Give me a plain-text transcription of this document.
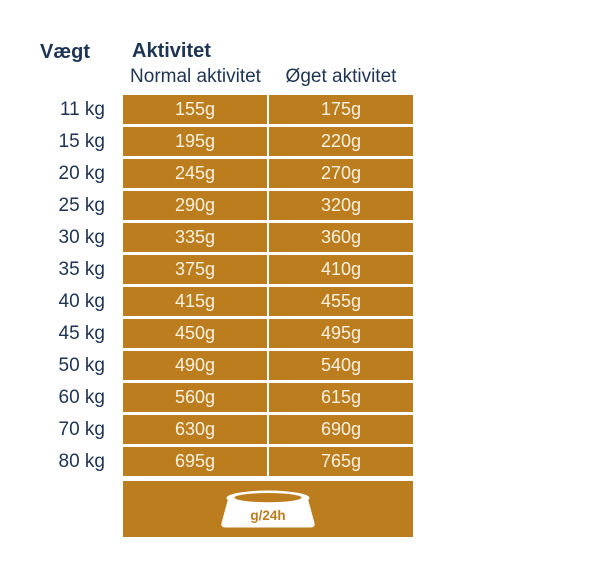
Vægt Aktivitet
Normal aktivitet	Øget aktivitet
11 kg	155g	175g
15 kg	195g	220g
20 kg	245g	270g
25 kg	290g	320g
30 kg	335g	360g
35 kg	375g	410g
40 kg	415g	455g
45 kg	450g	495g
50 kg	490g	540g
60 kg	560g	615g
70 kg	630g	690g
80 kg	695g	765g
g/24h
